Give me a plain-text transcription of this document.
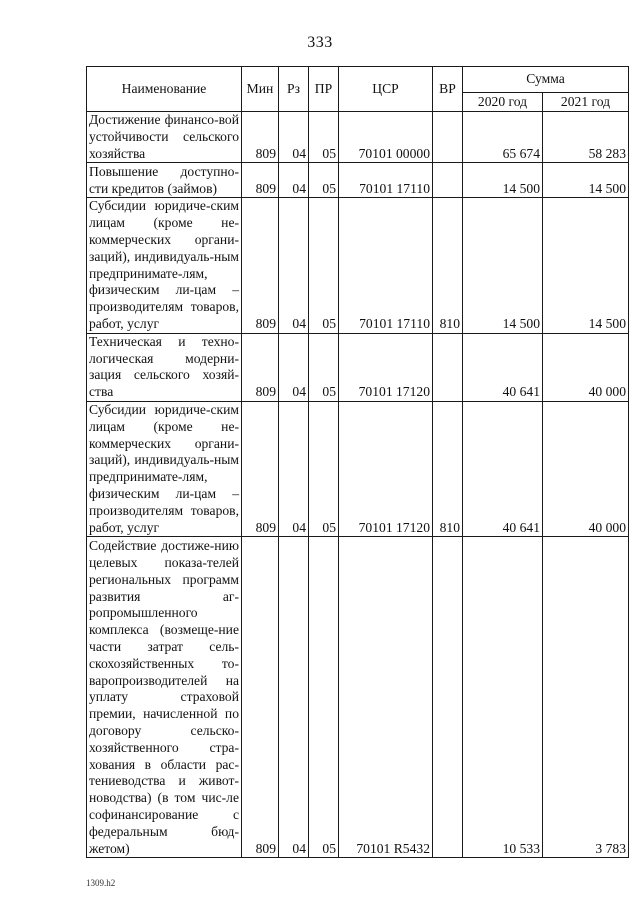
333
Наименование	Мин	Рз	ПР	ЦСР	ВР	Сумма	
						2020 год	2021 год
Достижение финансо-вой устойчивости сельского хозяйства	809	04	05	70101 00000		65 674	58 283
Повышение доступно-сти кредитов (займов)	809	04	05	70101 17110		14 500	14 500
Субсидии юридиче-ским лицам (кроме не-коммерческих органи-заций), индивидуаль-ным предпринимате-лям, физическим ли-цам – производителям товаров, работ, услуг	809	04	05	70101 17110	810	14 500	14 500
Техническая и техно-логическая модерни-зация сельского хозяй-ства	809	04	05	70101 17120		40 641	40 000
Субсидии юридиче-ским лицам (кроме не-коммерческих органи-заций), индивидуаль-ным предпринимате-лям, физическим ли-цам – производителям товаров, работ, услуг	809	04	05	70101 17120	810	40 641	40 000
Содействие достиже-нию целевых показа-телей региональных программ развития аг-ропромышленного комплекса (возмеще-ние части затрат сель-скохозяйственных то-варопроизводителей на уплату страховой премии, начисленной по договору сельско-хозяйственного стра-хования в области рас-тениеводства и живот-новодства) (в том чис-ле софинансирование с федеральным бюд-жетом)	809	04	05	70101 R5432		10 533	3 783
1309.h2
